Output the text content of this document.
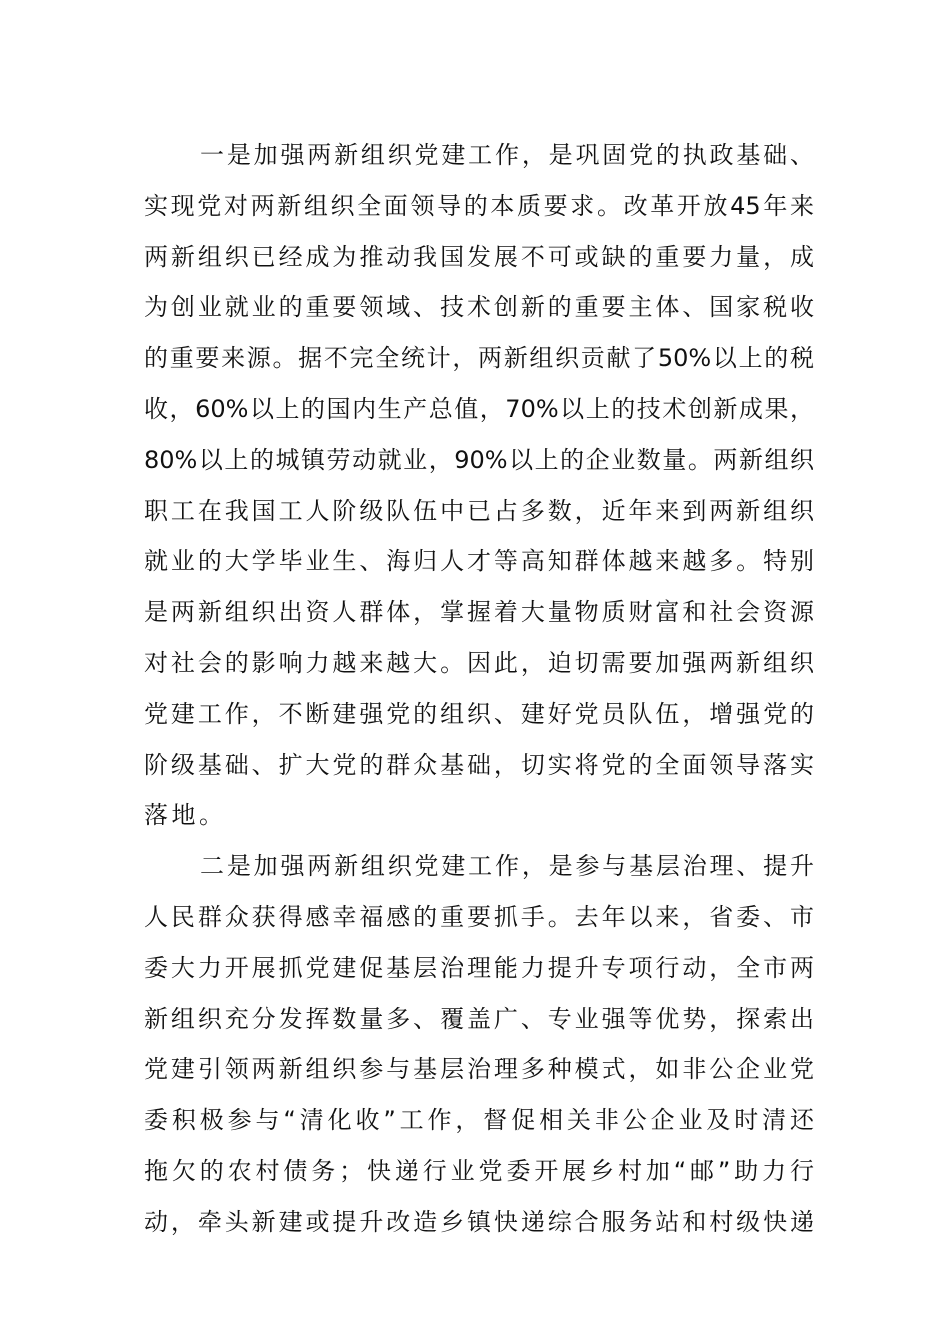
一是加强两新组织党建工作，是巩固党的执政基础、
实现党对两新组织全面领导的本质要求。改革开放45年来
两新组织已经成为推动我国发展不可或缺的重要力量，成
为创业就业的重要领域、技术创新的重要主体、国家税收
的重要来源。据不完全统计，两新组织贡献了50%以上的税
收，60%以上的国内生产总值，70%以上的技术创新成果，
80%以上的城镇劳动就业，90%以上的企业数量。两新组织
职工在我国工人阶级队伍中已占多数，近年来到两新组织
就业的大学毕业生、海归人才等高知群体越来越多。特别
是两新组织出资人群体，掌握着大量物质财富和社会资源
对社会的影响力越来越大。因此，迫切需要加强两新组织
党建工作，不断建强党的组织、建好党员队伍，增强党的
阶级基础、扩大党的群众基础，切实将党的全面领导落实
落地。
二是加强两新组织党建工作，是参与基层治理、提升
人民群众获得感幸福感的重要抓手。去年以来，省委、市
委大力开展抓党建促基层治理能力提升专项行动，全市两
新组织充分发挥数量多、覆盖广、专业强等优势，探索出
党建引领两新组织参与基层治理多种模式，如非公企业党
委积极参与“清化收”工作，督促相关非公企业及时清还
拖欠的农村债务；快递行业党委开展乡村加“邮”助力行
动，牵头新建或提升改造乡镇快递综合服务站和村级快递
